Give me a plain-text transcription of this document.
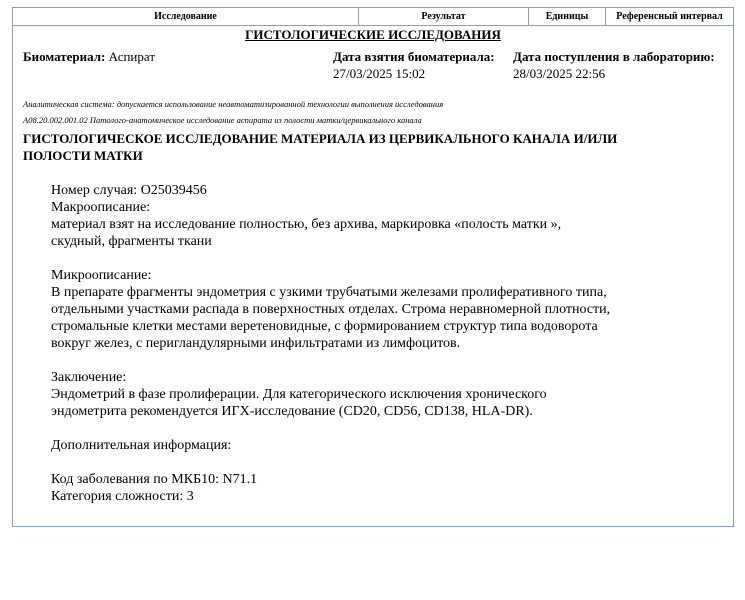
Исследование	Результат	Единицы	Референсный интервал
ГИСТОЛОГИЧЕСКИЕ ИССЛЕДОВАНИЯ
Биоматериал: Аспират	Дата взятия биоматериала:
27/03/2025 15:02
Дата поступления в лабораторию:
28/03/2025 22:56
Аналитическая система: допускается использование неавтоматизированной технологии выполнения исследования
А08.20.002.001.02 Патолого-анатомическое исследование аспирата из полости матки/цервикального канала
ГИСТОЛОГИЧЕСКОЕ ИССЛЕДОВАНИЕ МАТЕРИАЛА ИЗ ЦЕРВИКАЛЬНОГО КАНАЛА И/ИЛИ
ПОЛОСТИ МАТКИ
Номер случая: О25039456
Макроописание:
материал взят на исследование полностью, без архива, маркировка «полость матки »,
скудный, фрагменты ткани
Микроописание:
В препарате фрагменты эндометрия с узкими трубчатыми железами пролиферативного типа,
отдельными участками распада в поверхностных отделах. Строма неравномерной плотности,
стромальные клетки местами веретеновидные, с формированием структур типа водоворота
вокруг желез, с перигландулярными инфильтратами из лимфоцитов.
Заключение:
Эндометрий в фазе пролиферации. Для категорического исключения хронического
эндометрита рекомендуется ИГХ-исследование (CD20, CD56, CD138, HLA-DR).
Дополнительная информация:
Код заболевания по МКБ10: N71.1
Категория сложности: 3
